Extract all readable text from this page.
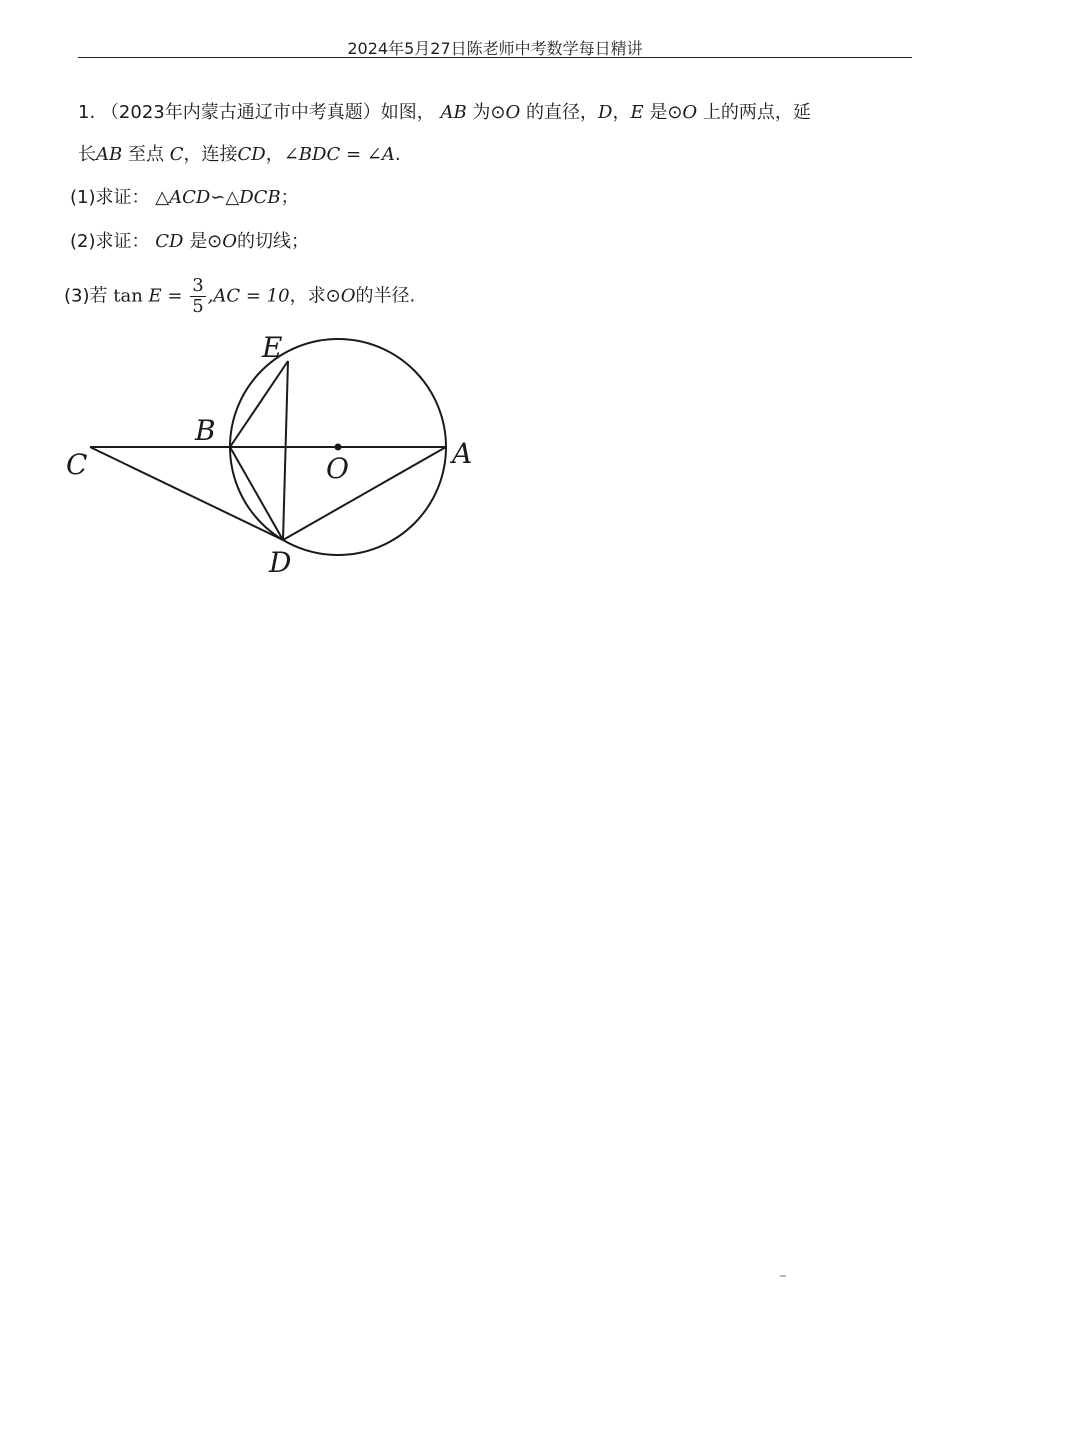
2024年5月27日陈老师中考数学每日精讲
1. （2023年内蒙古通辽市中考真题）如图， AB 为⊙O 的直径，D，E 是⊙O 上的两点，延
长AB 至点 C，连接CD，∠BDC = ∠A.
(1)求证： △ACD∽△DCB；
(2)求证： CD 是⊙O的切线；
(3)若 $\tan E = \frac{3}{5} ,AC = 10$，求⊙O的半径.
E
B
C	O	A
D
